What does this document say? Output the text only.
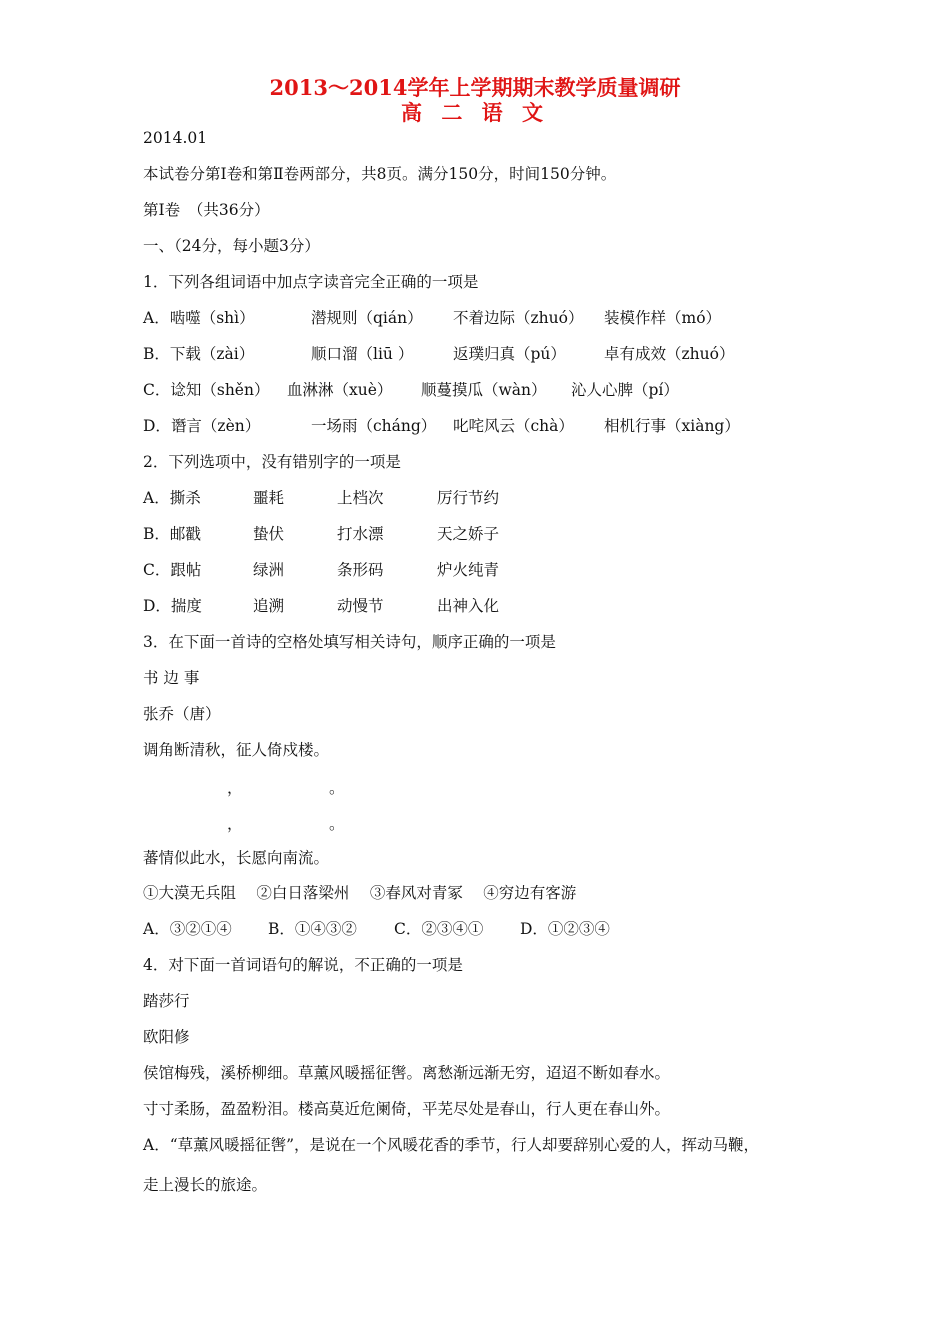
2013～2014学年上学期期末教学质量调研
高 二 语 文
2014.01
本试卷分第Ⅰ卷和第Ⅱ卷两部分，共8页。满分150分，时间150分钟。
第Ⅰ卷　（共36分）
一、（24分，每小题3分）
1．下列各组词语中加点字读音完全正确的一项是
A．啮噬（shì）	潜规则（qián） 不着边际（zhuó） 装模作样（mó）
B．下载（zài）	顺口溜（liū ）	返璞归真（pú） 卓有成效（zhuó）
C．谂知（shěn） 血淋淋（xuè） 顺蔓摸瓜（wàn） 沁人心脾（pí）
D．谮言（zèn）	一场雨（cháng） 叱咤风云（chà） 相机行事（xiàng）
2．下列选项中，没有错别字的一项是
A．撕杀	噩耗	上档次	厉行节约
B．邮戳	蛰伏	打水漂	天之娇子
C．跟帖	绿洲	条形码	炉火纯青
D．揣度	追溯	动慢节	出神入化
3．在下面一首诗的空格处填写相关诗句，顺序正确的一项是
书 边 事
张乔（唐）
调角断清秋，征人倚戍楼。
，	。
，	。
蕃情似此水，长愿向南流。
①大漠无兵阻　 ②白日落梁州　 ③春风对青冢　 ④穷边有客游
A．③②①④ B．①④③② C．②③④① D．①②③④
4．对下面一首词语句的解说，不正确的一项是
踏莎行
欧阳修
侯馆梅残，溪桥柳细。草薰风暖摇征辔。离愁渐远渐无穷，迢迢不断如春水。
寸寸柔肠，盈盈粉泪。楼高莫近危阑倚，平芜尽处是春山，行人更在春山外。
A．“草薰风暖摇征辔”，是说在一个风暖花香的季节，行人却要辞别心爱的人，挥动马鞭，
走上漫长的旅途。
